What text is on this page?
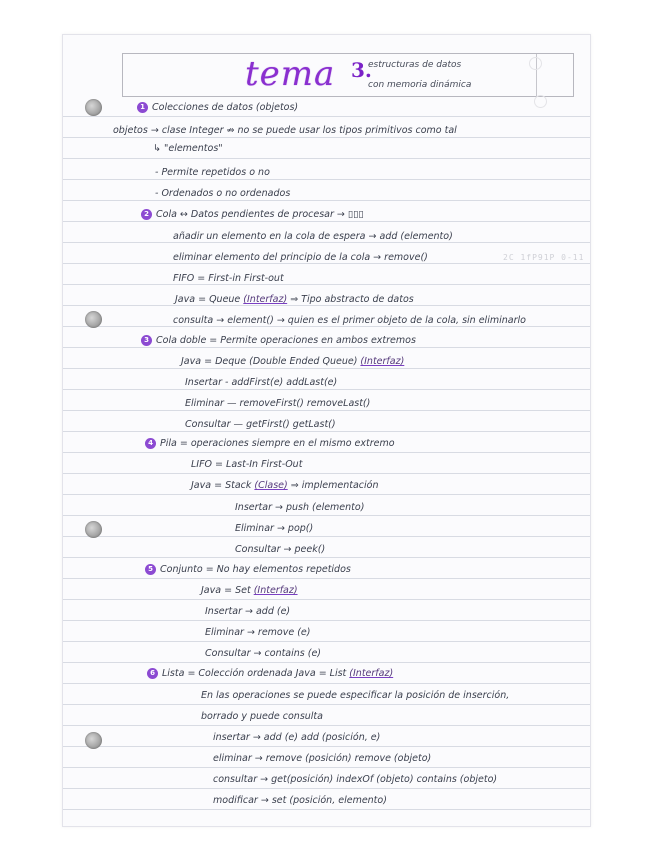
tema 3.
estructuras de datos
con memoria dinámica
2C 1fP91P 0-11
1 Colecciones de datos (objetos)
objetos → clase Integer ⇏ no se puede usar los tipos primitivos como tal
↳ "elementos"
- Permite repetidos o no
- Ordenados o no ordenados
2 Cola ↔ Datos pendientes de procesar → ▯▯▯
añadir un elemento en la cola de espera → add (elemento)
eliminar elemento del principio de la cola → remove()
FIFO = First-in First-out
Java = Queue (Interfaz) ⇒ Tipo abstracto de datos
consulta → element() → quien es el primer objeto de la cola, sin eliminarlo
3 Cola doble = Permite operaciones en ambos extremos
Java = Deque (Double Ended Queue) (Interfaz)
Insertar - addFirst(e) addLast(e)
Eliminar — removeFirst() removeLast()
Consultar — getFirst() getLast()
4 Pila = operaciones siempre en el mismo extremo
LIFO = Last-In First-Out
Java = Stack (Clase) ⇒ implementación
Insertar → push (elemento)
Eliminar → pop()
Consultar → peek()
5 Conjunto = No hay elementos repetidos
Java = Set (Interfaz)
Insertar → add (e)
Eliminar → remove (e)
Consultar → contains (e)
6 Lista = Colección ordenada Java = List (Interfaz)
En las operaciones se puede especificar la posición de inserción,
borrado y puede consulta
insertar → add (e) add (posición, e)
eliminar → remove (posición) remove (objeto)
consultar → get(posición) indexOf (objeto) contains (objeto)
modificar → set (posición, elemento)
